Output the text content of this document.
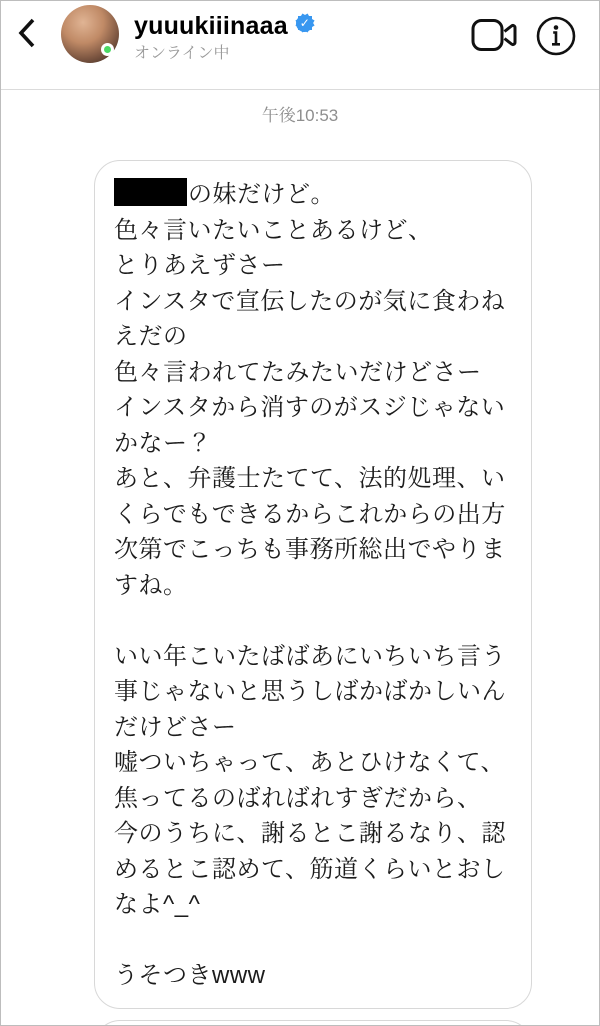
yuuukiiinaaa ✓
オンライン中
午後10:53
の妹だけど。
色々言いたいことあるけど、
とりあえずさー
インスタで宣伝したのが気に食わね
えだの
色々言われてたみたいだけどさー
インスタから消すのがスジじゃない
かなー？
あと、弁護士たてて、法的処理、い
くらでもできるからこれからの出方
次第でこっちも事務所総出でやりま
すね。

いい年こいたばばあにいちいち言う
事じゃないと思うしばかばかしいん
だけどさー
嘘ついちゃって、あとひけなくて、
焦ってるのばればれすぎだから、
今のうちに、謝るとこ謝るなり、認
めるとこ認めて、筋道くらいとおし
なよ^_^

うそつきwww
